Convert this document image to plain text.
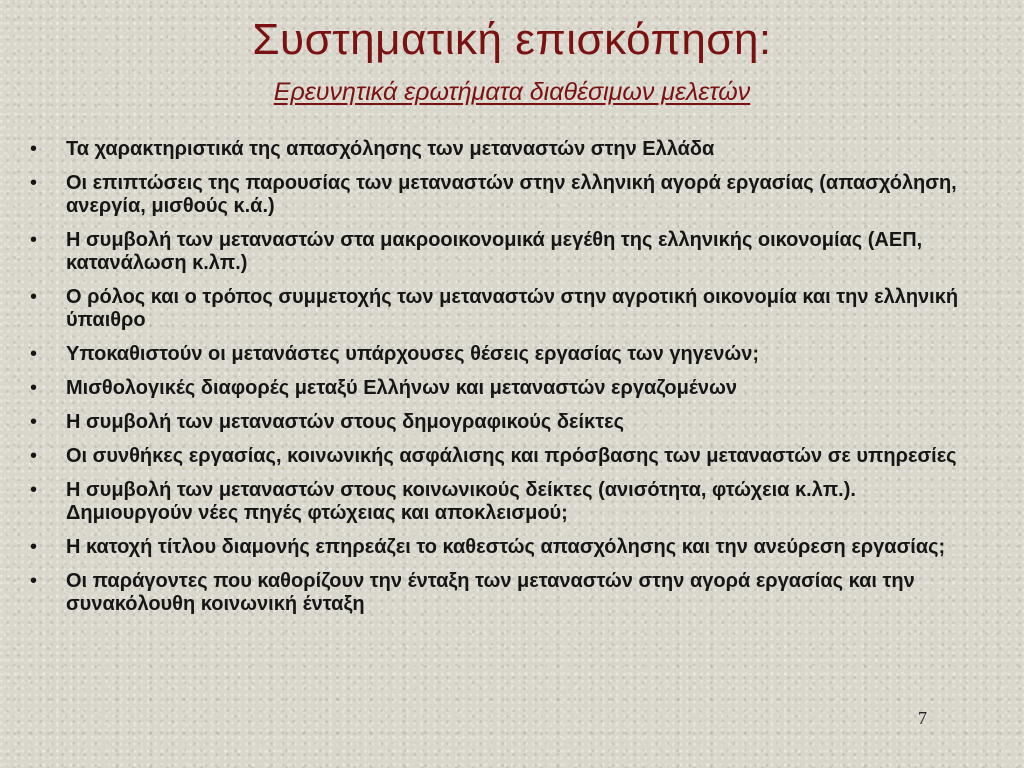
Συστηματική επισκόπηση:
Ερευνητικά ερωτήματα διαθέσιμων μελετών
•	Τα χαρακτηριστικά της απασχόλησης των μεταναστών στην Ελλάδα
•	Οι επιπτώσεις της παρουσίας των μεταναστών στην ελληνική αγορά εργασίας (απασχόληση, ανεργία, μισθούς κ.ά.)
•	Η συμβολή των μεταναστών στα μακροοικονομικά μεγέθη της ελληνικής οικονομίας (ΑΕΠ, κατανάλωση κ.λπ.)
•	Ο ρόλος και ο τρόπος συμμετοχής των μεταναστών στην αγροτική οικονομία και την ελληνική ύπαιθρο
•	Υποκαθιστούν οι μετανάστες υπάρχουσες θέσεις εργασίας των γηγενών;
•	Μισθολογικές διαφορές μεταξύ Ελλήνων και μεταναστών εργαζομένων
•	Η συμβολή των μεταναστών στους δημογραφικούς δείκτες
•	Οι συνθήκες εργασίας, κοινωνικής ασφάλισης και πρόσβασης των μεταναστών σε υπηρεσίες
•	Η συμβολή των μεταναστών στους κοινωνικούς δείκτες (ανισότητα, φτώχεια κ.λπ.). Δημιουργούν νέες πηγές φτώχειας και αποκλεισμού;
•	Η κατοχή τίτλου διαμονής επηρεάζει το καθεστώς απασχόλησης και την ανεύρεση εργασίας;
•	Οι παράγοντες που καθορίζουν την ένταξη των μεταναστών στην αγορά εργασίας και την συνακόλουθη κοινωνική ένταξη
7
